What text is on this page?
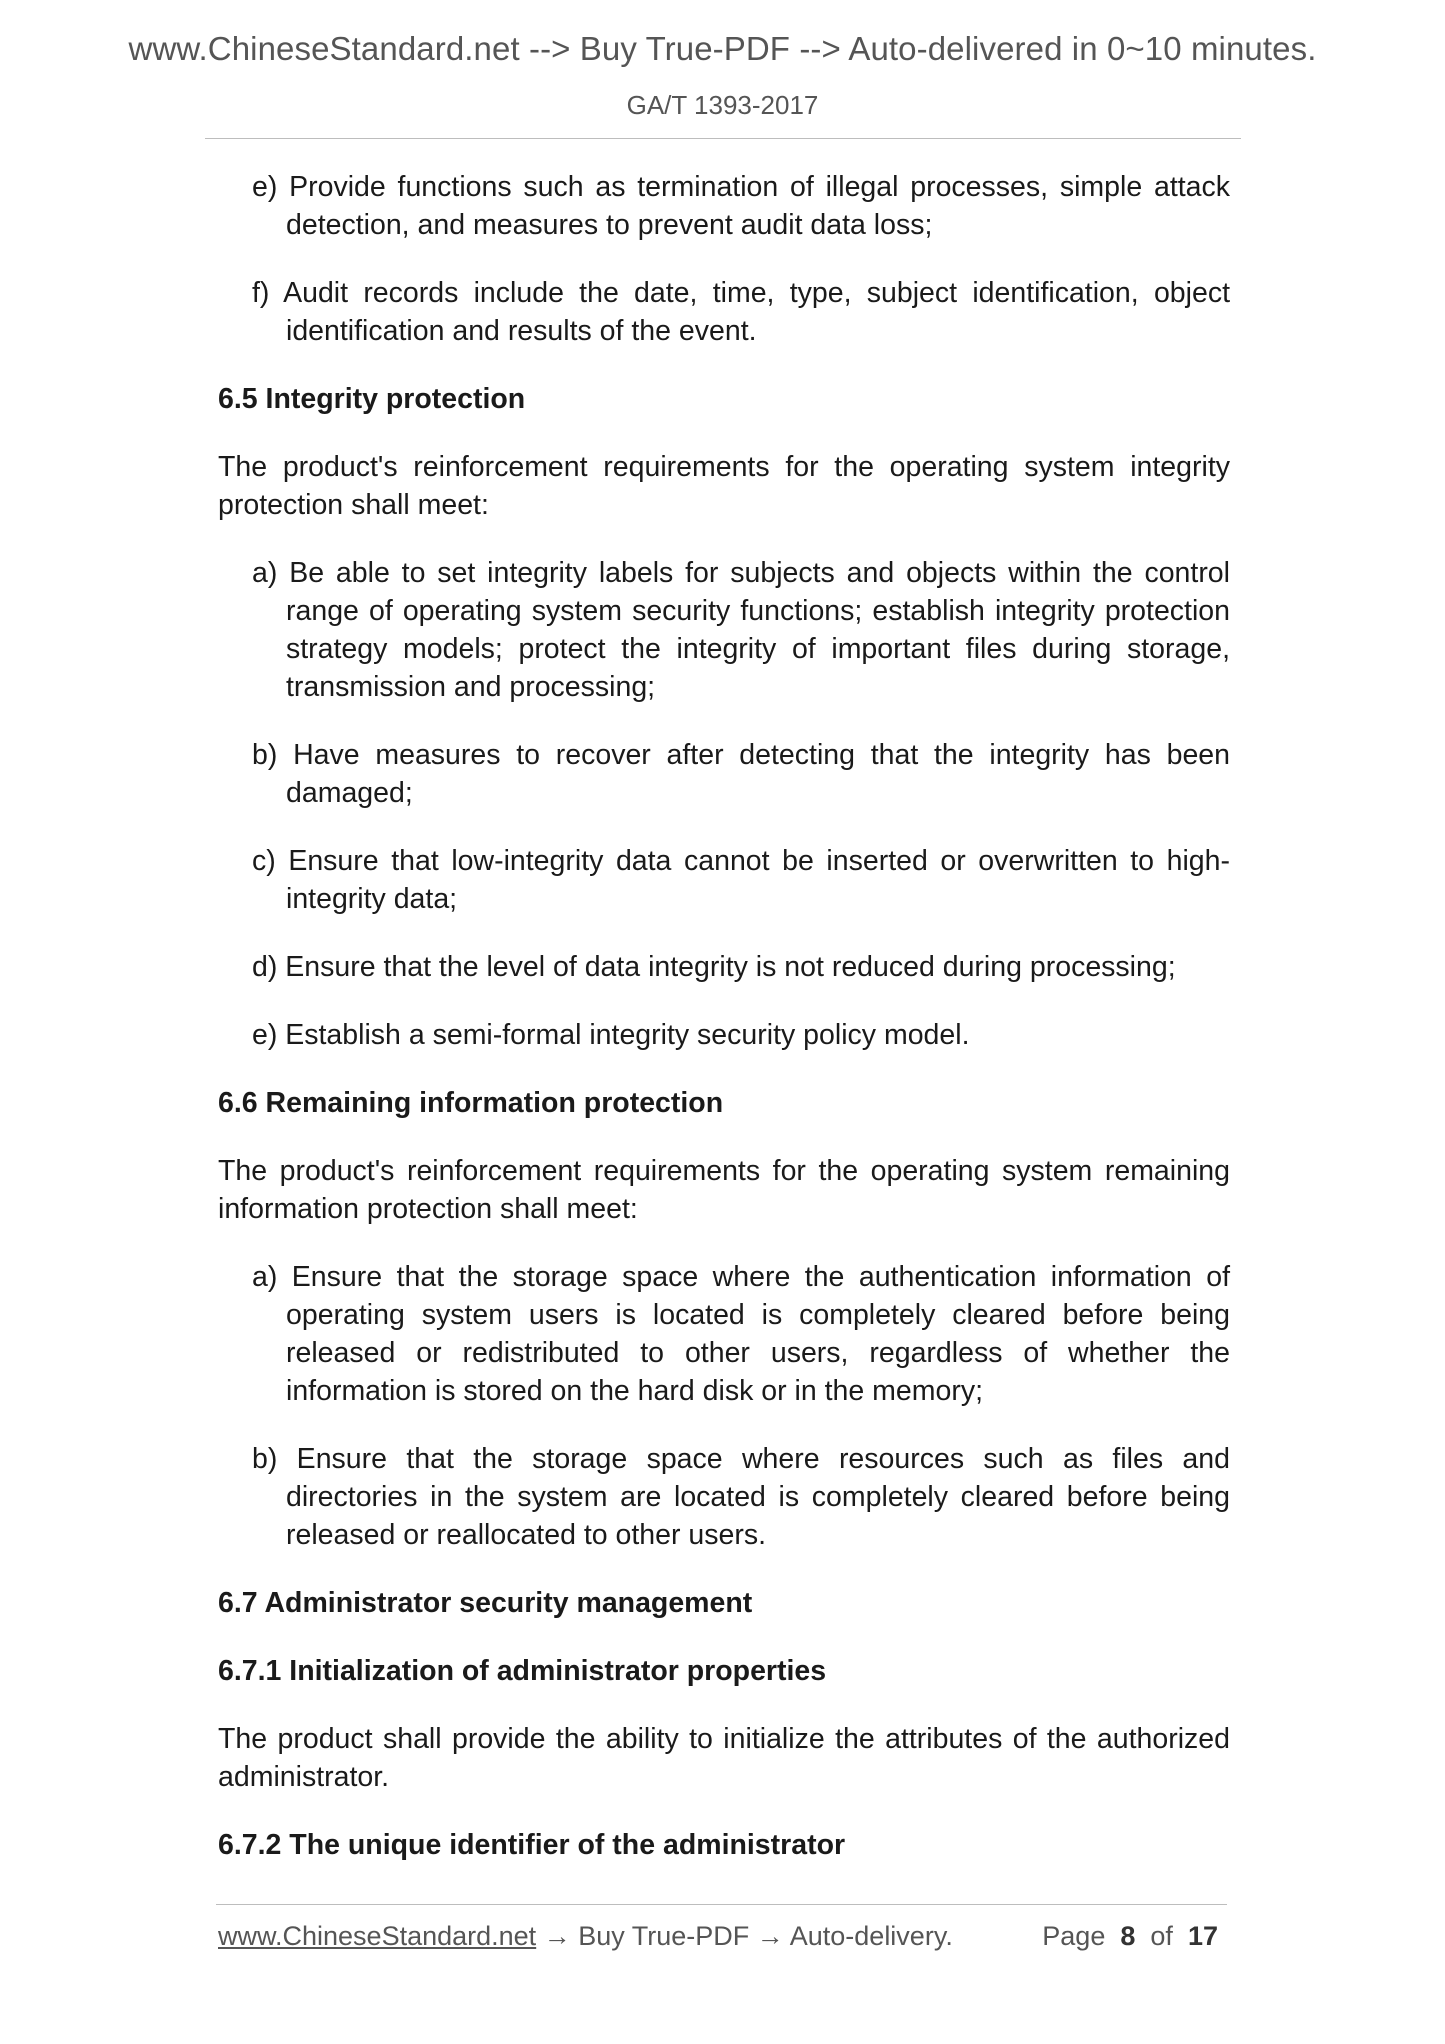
www.ChineseStandard.net --> Buy True-PDF --> Auto-delivered in 0~10 minutes.
GA/T 1393-2017

e) Provide functions such as termination of illegal processes, simple attack detection, and measures to prevent audit data loss;

f) Audit records include the date, time, type, subject identification, object identification and results of the event.

6.5 Integrity protection

The product's reinforcement requirements for the operating system integrity protection shall meet:

a) Be able to set integrity labels for subjects and objects within the control range of operating system security functions; establish integrity protection strategy models; protect the integrity of important files during storage, transmission and processing;

b) Have measures to recover after detecting that the integrity has been damaged;

c) Ensure that low-integrity data cannot be inserted or overwritten to high-integrity data;

d) Ensure that the level of data integrity is not reduced during processing;

e) Establish a semi-formal integrity security policy model.

6.6 Remaining information protection

The product's reinforcement requirements for the operating system remaining information protection shall meet:

a) Ensure that the storage space where the authentication information of operating system users is located is completely cleared before being released or redistributed to other users, regardless of whether the information is stored on the hard disk or in the memory;

b) Ensure that the storage space where resources such as files and directories in the system are located is completely cleared before being released or reallocated to other users.

6.7 Administrator security management

6.7.1 Initialization of administrator properties

The product shall provide the ability to initialize the attributes of the authorized administrator.

6.7.2 The unique identifier of the administrator

www.ChineseStandard.net → Buy True-PDF → Auto-delivery.	Page 8 of 17
